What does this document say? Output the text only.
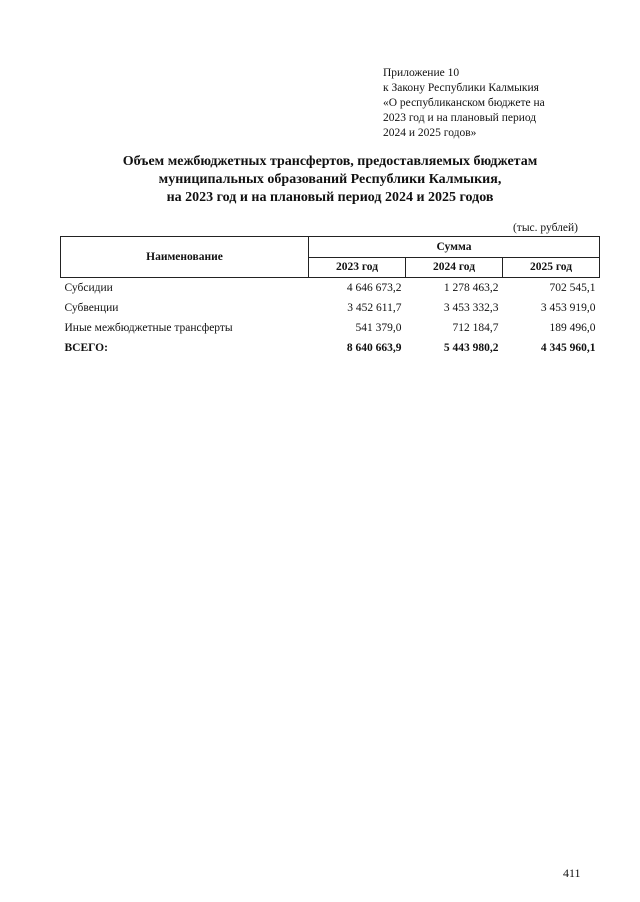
Приложение 10
к Закону Республики Калмыкия
«О республиканском бюджете на
2023 год и на плановый период
2024 и 2025 годов»
Объем межбюджетных трансфертов, предоставляемых бюджетам
муниципальных образований Республики Калмыкия,
на 2023 год и на плановый период 2024 и 2025 годов
(тыс. рублей)
Наименование	Сумма		
	2023 год	2024 год	2025 год
Субсидии	4 646 673,2	1 278 463,2	702 545,1
Субвенции	3 452 611,7	3 453 332,3	3 453 919,0
Иные межбюджетные трансферты	541 379,0	712 184,7	189 496,0
ВСЕГО:	8 640 663,9	5 443 980,2	4 345 960,1
411
